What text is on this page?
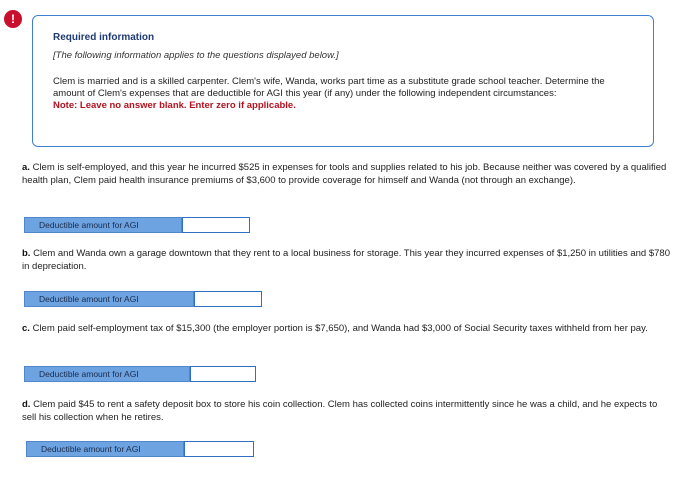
!
Required information
[The following information applies to the questions displayed below.]
Clem is married and is a skilled carpenter. Clem's wife, Wanda, works part time as a substitute grade school teacher. Determine the amount of Clem's expenses that are deductible for AGI this year (if any) under the following independent circumstances:
Note: Leave no answer blank. Enter zero if applicable.
a. Clem is self-employed, and this year he incurred $525 in expenses for tools and supplies related to his job. Because neither was covered by a qualified health plan, Clem paid health insurance premiums of $3,600 to provide coverage for himself and Wanda (not through an exchange).
Deductible amount for AGI
b. Clem and Wanda own a garage downtown that they rent to a local business for storage. This year they incurred expenses of $1,250 in utilities and $780 in depreciation.
Deductible amount for AGI
c. Clem paid self-employment tax of $15,300 (the employer portion is $7,650), and Wanda had $3,000 of Social Security taxes withheld from her pay.
Deductible amount for AGI
d. Clem paid $45 to rent a safety deposit box to store his coin collection. Clem has collected coins intermittently since he was a child, and he expects to sell his collection when he retires.
Deductible amount for AGI
